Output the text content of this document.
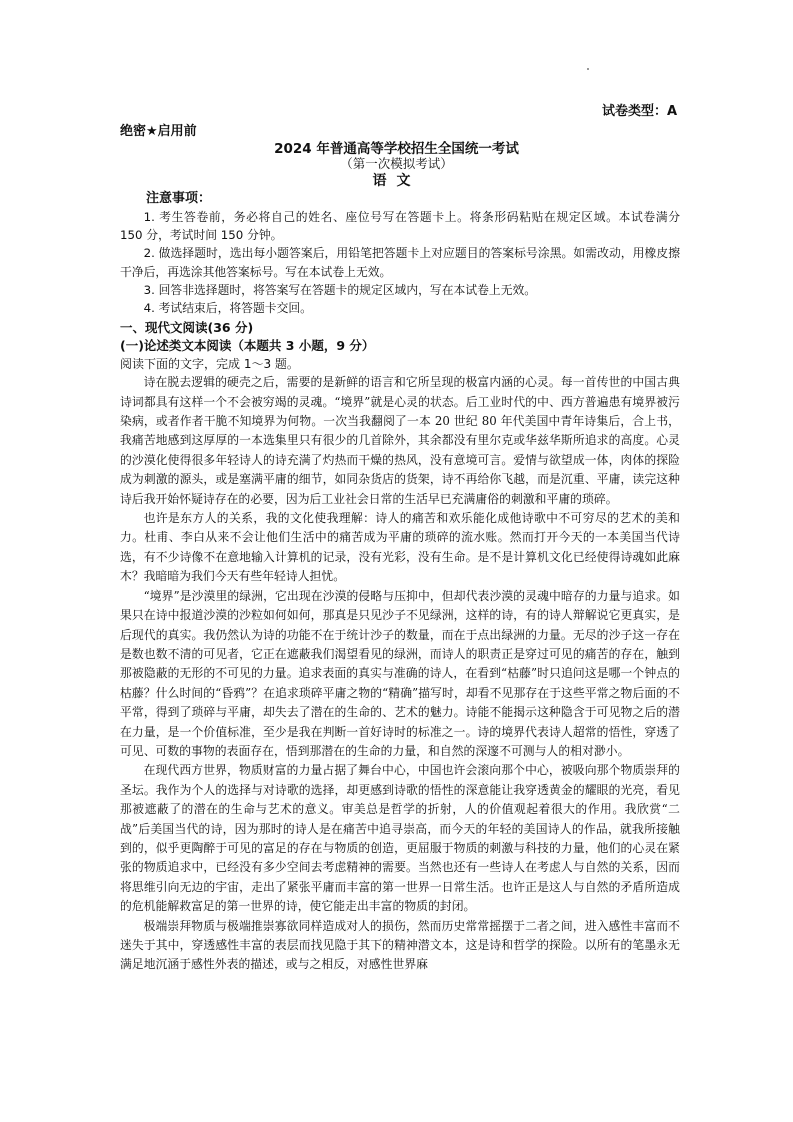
试卷类型：A
绝密★启用前
2024 年普通高等学校招生全国统一考试
（第一次模拟考试）
语文

注意事项：

1. 考生答卷前，务必将自己的姓名、座位号写在答题卡上。将条形码粘贴在规定区域。本试卷满分 150 分，考试时间 150 分钟。

2. 做选择题时，选出每小题答案后，用铅笔把答题卡上对应题目的答案标号涂黑。如需改动，用橡皮擦干净后，再选涂其他答案标号。写在本试卷上无效。

3. 回答非选择题时，将答案写在答题卡的规定区域内，写在本试卷上无效。

4. 考试结束后，将答题卡交回。

一、现代文阅读(36 分)

(一)论述类文本阅读（本题共 3 小题，9 分）

阅读下面的文字，完成 1～3 题。

诗在脱去逻辑的硬壳之后，需要的是新鲜的语言和它所呈现的极富内涵的心灵。每一首传世的中国古典诗词都具有这样一个不会被穷竭的灵魂。“境界”就是心灵的状态。后工业时代的中、西方普遍患有境界被污染病，或者作者干脆不知境界为何物。一次当我翻阅了一本 20 世纪 80 年代美国中青年诗集后，合上书，我痛苦地感到这厚厚的一本选集里只有很少的几首除外，其余都没有里尔克或华兹华斯所追求的高度。心灵的沙漠化使得很多年轻诗人的诗充满了灼热而干燥的热风，没有意境可言。爱情与欲望成一体，肉体的探险成为刺激的源头，或是塞满平庸的细节，如同杂货店的货架，诗不再给你飞越，而是沉重、平庸，读完这种诗后我开始怀疑诗存在的必要，因为后工业社会日常的生活早已充满庸俗的刺激和平庸的琐碎。

也许是东方人的关系，我的文化使我理解：诗人的痛苦和欢乐能化成他诗歌中不可穷尽的艺术的美和力。杜甫、李白从来不会让他们生活中的痛苦成为平庸的琐碎的流水账。然而打开今天的一本美国当代诗选，有不少诗像不在意地输入计算机的记录，没有光彩，没有生命。是不是计算机文化已经使得诗魂如此麻木？我暗暗为我们今天有些年轻诗人担忧。

“境界”是沙漠里的绿洲，它出现在沙漠的侵略与压抑中，但却代表沙漠的灵魂中暗存的力量与追求。如果只在诗中报道沙漠的沙粒如何如何，那真是只见沙子不见绿洲，这样的诗，有的诗人辩解说它更真实，是后现代的真实。我仍然认为诗的功能不在于统计沙子的数量，而在于点出绿洲的力量。无尽的沙子这一存在是数也数不清的可见者，它正在遮蔽我们渴望看见的绿洲，而诗人的职责正是穿过可见的痛苦的存在，触到那被隐蔽的无形的不可见的力量。追求表面的真实与准确的诗人，在看到“枯藤”时只追问这是哪一个钟点的枯藤？什么时间的“昏鸦”？在追求琐碎平庸之物的“精确”描写时，却看不见那存在于这些平常之物后面的不平常，得到了琐碎与平庸，却失去了潜在的生命的、艺术的魅力。诗能不能揭示这种隐含于可见物之后的潜在力量，是一个价值标准，至少是我在判断一首好诗时的标准之一。诗的境界代表诗人超常的悟性，穿透了可见、可数的事物的表面存在，悟到那潜在的生命的力量，和自然的深邃不可测与人的相对渺小。

在现代西方世界，物质财富的力量占据了舞台中心，中国也许会滚向那个中心，被吸向那个物质崇拜的圣坛。我作为个人的选择与对诗歌的选择，却更感到诗歌的悟性的深意能让我穿透黄金的耀眼的光亮，看见那被遮蔽了的潜在的生命与艺术的意义。审美总是哲学的折射，人的价值观起着很大的作用。我欣赏“二战”后美国当代的诗，因为那时的诗人是在痛苦中追寻崇高，而今天的年轻的美国诗人的作品，就我所接触到的，似乎更陶醉于可见的富足的存在与物质的创造，更屈服于物质的刺激与科技的力量，他们的心灵在紧张的物质追求中，已经没有多少空间去考虑精神的需要。当然也还有一些诗人在考虑人与自然的关系，因而将思维引向无边的宇宙，走出了紧张平庸而丰富的第一世界一日常生活。也许正是这人与自然的矛盾所造成的危机能解救富足的第一世界的诗，使它能走出丰富的物质的封闭。

极端崇拜物质与极端推崇寡欲同样造成对人的损伤，然而历史常常摇摆于二者之间，进入感性丰富而不迷失于其中，穿透感性丰富的表层而找见隐于其下的精神潜文本，这是诗和哲学的探险。以所有的笔墨永无满足地沉涵于感性外表的描述，或与之相反，对感性世界麻
